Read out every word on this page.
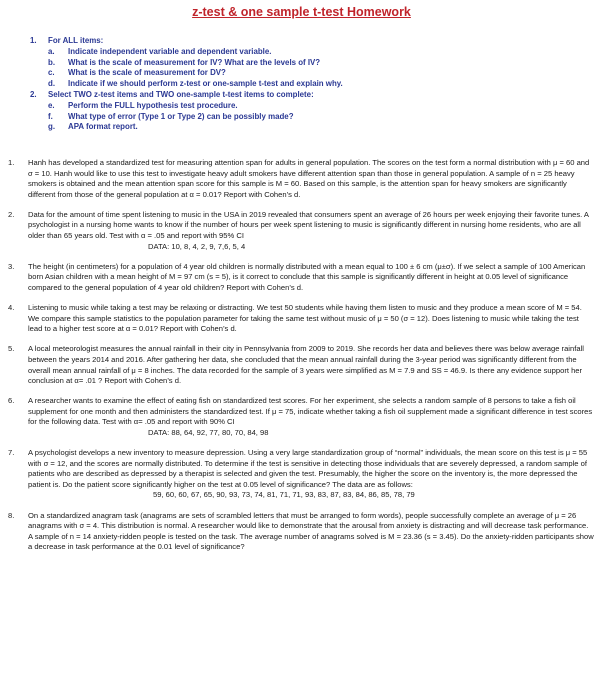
z-test & one sample t-test Homework
1.	For ALL items:
a.	Indicate independent variable and dependent variable.
b.	What is the scale of measurement for IV? What are the levels of IV?
c.	What is the scale of measurement for DV?
d.	Indicate if we should perform z-test or one-sample t-test and explain why.
2.	Select TWO z-test items and TWO one-sample t-test items to complete:
e.	Perform the FULL hypothesis test procedure.
f.	What type of error (Type 1 or Type 2) can be possibly made?
g.	APA format report.
1.	Hanh has developed a standardized test for measuring attention span for adults in general population. The scores on the test form a normal distribution with μ = 60 and σ = 10. Hanh would like to use this test to investigate heavy adult smokers have different attention span than those in general population. A sample of n = 25 heavy smokers is obtained and the mean attention span score for this sample is M = 60. Based on this sample, is the attention span for heavy smokers are significantly different from those of the general population at α = 0.01? Report with Cohen’s d.
2.	Data for the amount of time spent listening to music in the USA in 2019 revealed that consumers spent an average of 26 hours per week enjoying their favorite tunes. A psychologist in a nursing home wants to know if the number of hours per week spent listening to music is significantly different in nursing home residents, who are all older than 65 years old. Test with α = .05 and report with 95% CI
DATA: 10, 8, 4, 2, 9, 7,6, 5, 4
3.	The height (in centimeters) for a population of 4 year old children is normally distributed with a mean equal to 100 ± 6 cm (μ±σ). If we select a sample of 100 American born Asian children with a mean height of M = 97 cm (s = 5), is it correct to conclude that this sample is significantly different in height at 0.05 level of significance compared to the general population of 4 year old children? Report with Cohen’s d.
4.	Listening to music while taking a test may be relaxing or distracting. We test 50 students while having them listen to music and they produce a mean score of M = 54. We compare this sample statistics to the population parameter for taking the same test without music of μ = 50 (σ = 12). Does listening to music while taking the test lead to a higher test score at α = 0.01? Report with Cohen’s d.
5.	A local meteorologist measures the annual rainfall in their city in Pennsylvania from 2009 to 2019. She records her data and believes there was below average rainfall between the years 2014 and 2016. After gathering her data, she concluded that the mean annual rainfall during the 3-year period was significantly different from the overall mean annual rainfall of μ = 8 inches. The data recorded for the sample of 3 years were simplified as M = 7.9 and SS = 46.9. Is there any evidence support her conclusion at α= .01 ? Report with Cohen’s d.
6.	A researcher wants to examine the effect of eating fish on standardized test scores. For her experiment, she selects a random sample of 8 persons to take a fish oil supplement for one month and then administers the standardized test. If μ = 75, indicate whether taking a fish oil supplement made a significant difference in test scores for the following data. Test with α= .05 and report with 90% CI
DATA: 88, 64, 92, 77, 80, 70, 84, 98
7.	A psychologist develops a new inventory to measure depression. Using a very large standardization group of “normal” individuals, the mean score on this test is μ = 55 with σ = 12, and the scores are normally distributed. To determine if the test is sensitive in detecting those individuals that are severely depressed, a random sample of patients who are described as depressed by a therapist is selected and given the test. Presumably, the higher the score on the inventory is, the more depressed the patient is. Do the patient score significantly higher on the test at 0.05 level of significance? The data are as follows:
59, 60, 60, 67, 65, 90, 93, 73, 74, 81, 71, 71, 93, 83, 87, 83, 84, 86, 85, 78, 79
8.	On a standardized anagram task (anagrams are sets of scrambled letters that must be arranged to form words), people successfully complete an average of μ = 26 anagrams with σ = 4. This distribution is normal. A researcher would like to demonstrate that the arousal from anxiety is distracting and will decrease task performance. A sample of n = 14 anxiety-ridden people is tested on the task. The average number of anagrams solved is M = 23.36 (s = 3.45). Do the anxiety-ridden participants show a decrease in task performance at the 0.01 level of significance?
